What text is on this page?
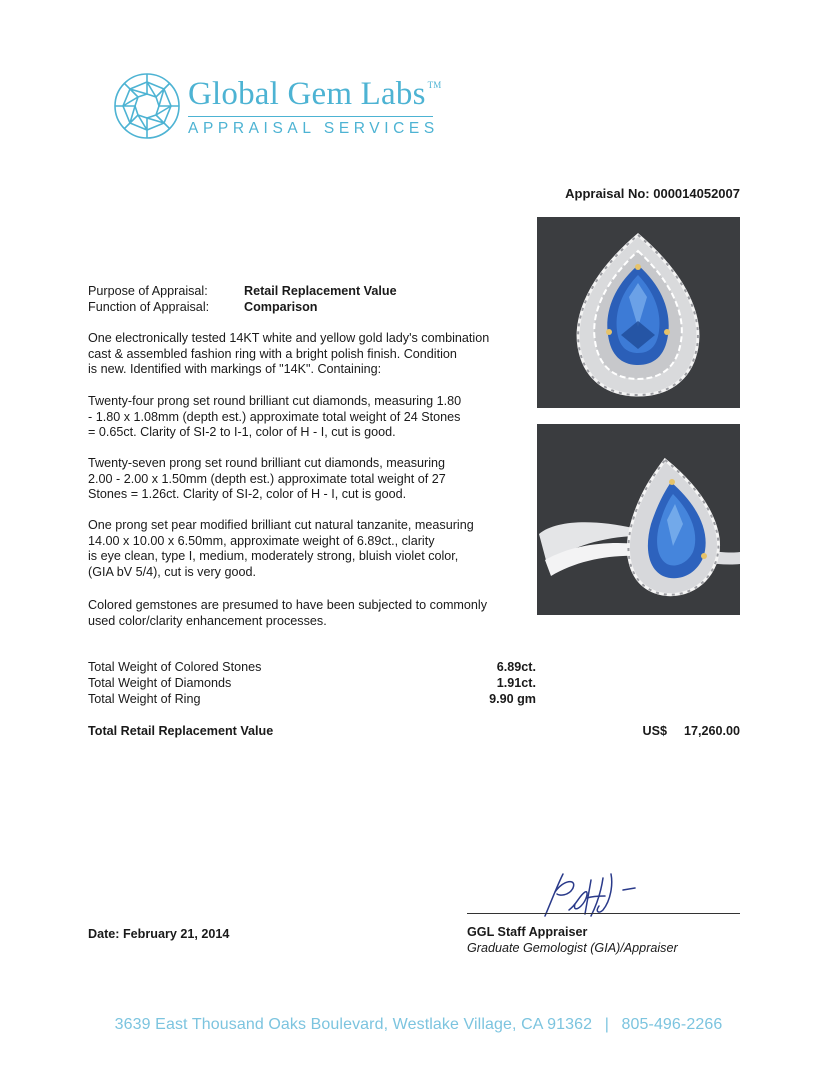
Global Gem Labs ™
APPRAISAL SERVICES
Appraisal No: 000014052007
Purpose of Appraisal:	Retail Replacement Value
Function of Appraisal:	Comparison
One electronically tested 14KT white and yellow gold lady's combination
cast & assembled fashion ring with a bright polish finish. Condition
is new. Identified with markings of "14K". Containing:
Twenty-four prong set round brilliant cut diamonds, measuring 1.80
- 1.80 x 1.08mm (depth est.) approximate total weight of 24 Stones
= 0.65ct. Clarity of SI-2 to I-1, color of H - I, cut is good.
Twenty-seven prong set round brilliant cut diamonds, measuring
2.00 - 2.00 x 1.50mm (depth est.) approximate total weight of 27
Stones = 1.26ct. Clarity of SI-2, color of H - I, cut is good.
One prong set pear modified brilliant cut natural tanzanite, measuring
14.00 x 10.00 x 6.50mm, approximate weight of 6.89ct., clarity
is eye clean, type I, medium, moderately strong, bluish violet color,
(GIA bV 5/4), cut is very good.
Colored gemstones are presumed to have been subjected to commonly
used color/clarity enhancement processes.
Total Weight of Colored Stones	6.89ct.
Total Weight of Diamonds	1.91ct.
Total Weight of Ring	9.90 gm
Total Retail Replacement Value	US$ 17,260.00
Date: February 21, 2014	GGL Staff Appraiser
Graduate Gemologist (GIA)/Appraiser
3639 East Thousand Oaks Boulevard, Westlake Village, CA 91362 | 805-496-2266
